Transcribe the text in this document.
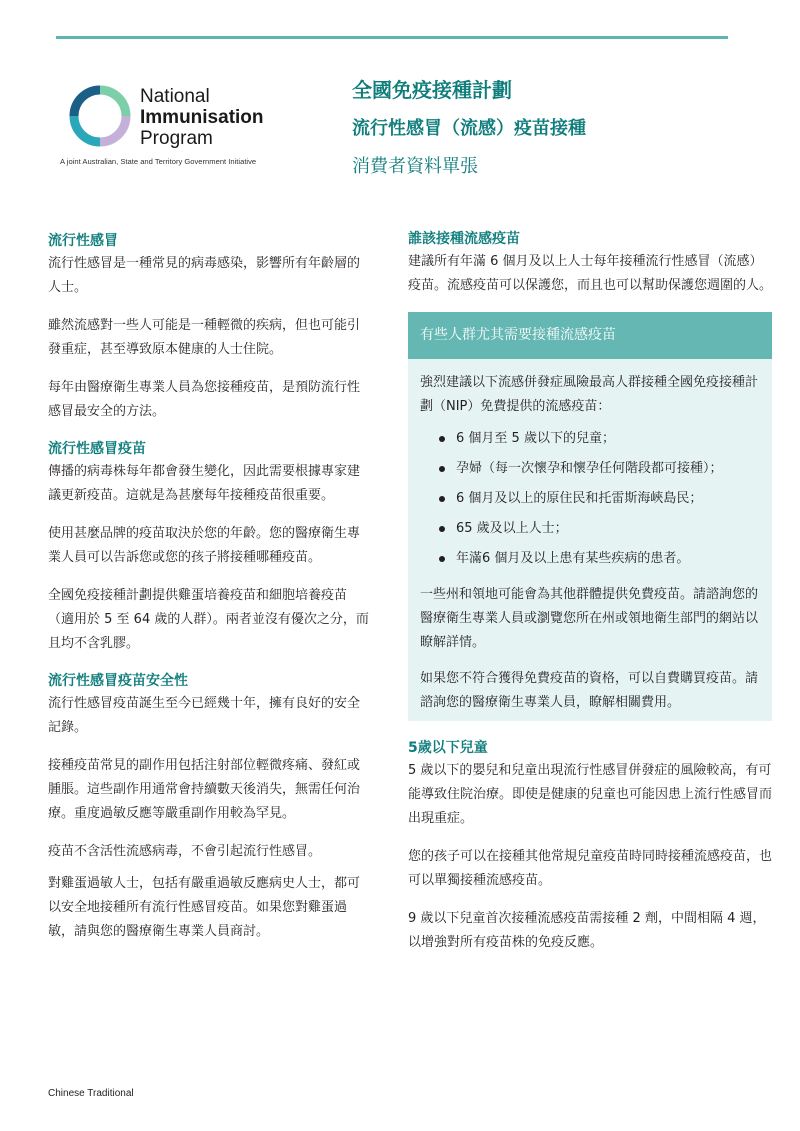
National
Immunisation
Program
A joint Australian, State and Territory Government Initiative
全國免疫接種計劃
流行性感冒（流感）疫苗接種
消費者資料單張
流行性感冒

流行性感冒是一種常見的病毒感染，影響所有年齡層的人士。

雖然流感對一些人可能是一種輕微的疾病，但也可能引發重症，甚至導致原本健康的人士住院。

每年由醫療衛生專業人員為您接種疫苗，是預防流行性感冒最安全的方法。

流行性感冒疫苗

傳播的病毒株每年都會發生變化，因此需要根據專家建議更新疫苗。這就是為甚麼每年接種疫苗很重要。

使用甚麼品牌的疫苗取決於您的年齡。您的醫療衛生專業人員可以告訴您或您的孩子將接種哪種疫苗。

全國免疫接種計劃提供雞蛋培養疫苗和細胞培養疫苗（適用於 5 至 64 歲的人群）。兩者並沒有優次之分，而且均不含乳膠。

流行性感冒疫苗安全性

流行性感冒疫苗誕生至今已經幾十年，擁有良好的安全記錄。

接種疫苗常見的副作用包括注射部位輕微疼痛、發紅或腫脹。這些副作用通常會持續數天後消失，無需任何治療。重度過敏反應等嚴重副作用較為罕見。

疫苗不含活性流感病毒，不會引起流行性感冒。

對雞蛋過敏人士，包括有嚴重過敏反應病史人士，都可以安全地接種所有流行性感冒疫苗。如果您對雞蛋過敏，請與您的醫療衛生專業人員商討。

誰該接種流感疫苗

建議所有年滿 6 個月及以上人士每年接種流行性感冒（流感）疫苗。流感疫苗可以保護您，而且也可以幫助保護您週圍的人。

有些人群尤其需要接種流感疫苗

強烈建議以下流感併發症風險最高人群接種全國免疫接種計劃（NIP）免費提供的流感疫苗：

6 個月至 5 歲以下的兒童；
孕婦（每一次懷孕和懷孕任何階段都可接種）；
6 個月及以上的原住民和托雷斯海峽島民；
65 歲及以上人士；
年滿6 個月及以上患有某些疾病的患者。

一些州和領地可能會為其他群體提供免費疫苗。請諮詢您的醫療衛生專業人員或瀏覽您所在州或領地衛生部門的網站以瞭解詳情。

如果您不符合獲得免費疫苗的資格，可以自費購買疫苗。請諮詢您的醫療衛生專業人員，瞭解相關費用。

5歲以下兒童

5 歲以下的嬰兒和兒童出現流行性感冒併發症的風險較高，有可能導致住院治療。即使是健康的兒童也可能因患上流行性感冒而出現重症。

您的孩子可以在接種其他常規兒童疫苗時同時接種流感疫苗，也可以單獨接種流感疫苗。

9 歲以下兒童首次接種流感疫苗需接種 2 劑，中間相隔 4 週，以增強對所有疫苗株的免疫反應。

Chinese Traditional
